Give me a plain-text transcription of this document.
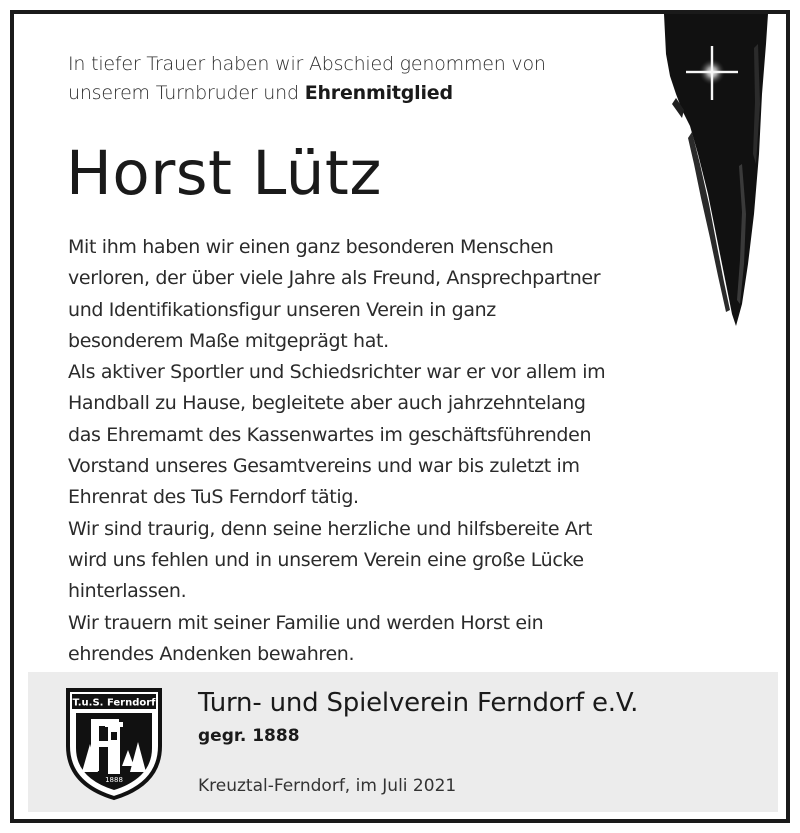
In tiefer Trauer haben wir Abschied genommen von
unserem Turnbruder und Ehrenmitglied
Horst Lütz
Mit ihm haben wir einen ganz besonderen Menschen
verloren, der über viele Jahre als Freund, Ansprechpartner
und Identifikationsfigur unseren Verein in ganz
besonderem Maße mitgeprägt hat.
Als aktiver Sportler und Schiedsrichter war er vor allem im
Handball zu Hause, begleitete aber auch jahrzehntelang
das Ehremamt des Kassenwartes im geschäftsführenden
Vorstand unseres Gesamtvereins und war bis zuletzt im
Ehrenrat des TuS Ferndorf tätig.
Wir sind traurig, denn seine herzliche und hilfsbereite Art
wird uns fehlen und in unserem Verein eine große Lücke
hinterlassen.
Wir trauern mit seiner Familie und werden Horst ein
ehrendes Andenken bewahren.
T.u.S. Ferndorf
1888
Turn- und Spielverein Ferndorf e.V.
gegr. 1888
Kreuztal-Ferndorf, im Juli 2021
